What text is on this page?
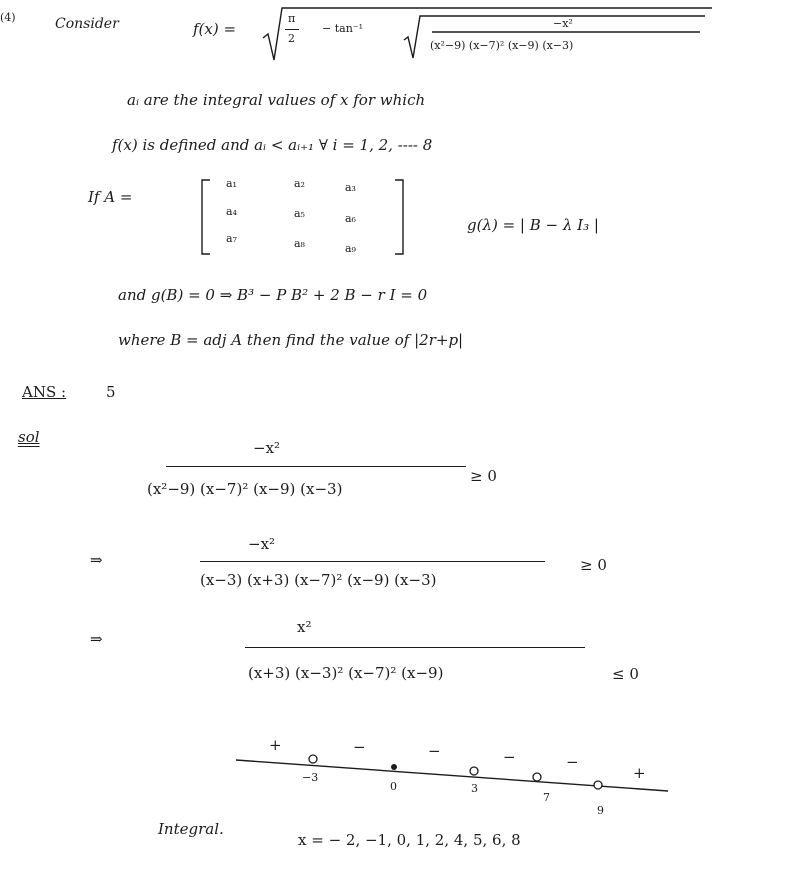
(4)	Consider	f(x) =
π
2
− tan⁻¹	−x²
(x²−9) (x−7)² (x−9) (x−3)
aᵢ are the integral values of x for which
f(x) is defined and aᵢ < aᵢ₊₁ ∀ i = 1, 2, ---- 8
If A =
a₁	a₂	a₃
a₄	a₅	a₆
a₇	a₈	a₉
g(λ) = | B − λ I₃ |
and g(B) = 0 ⇒ B³ − P B² + 2 B − r I = 0
where B = adj A then find the value of |2r+p|
ANS :	5
sol
−x²
(x²−9) (x−7)² (x−9) (x−3)
≥ 0
⇒
−x²
(x−3) (x+3) (x−7)² (x−9) (x−3)
≥ 0
⇒
x²
(x+3) (x−3)² (x−7)² (x−9)	≤ 0
+	−	−	−	−
+
−3
0	3
7
9
Integral.
x = − 2, −1, 0, 1, 2, 4, 5, 6, 8
